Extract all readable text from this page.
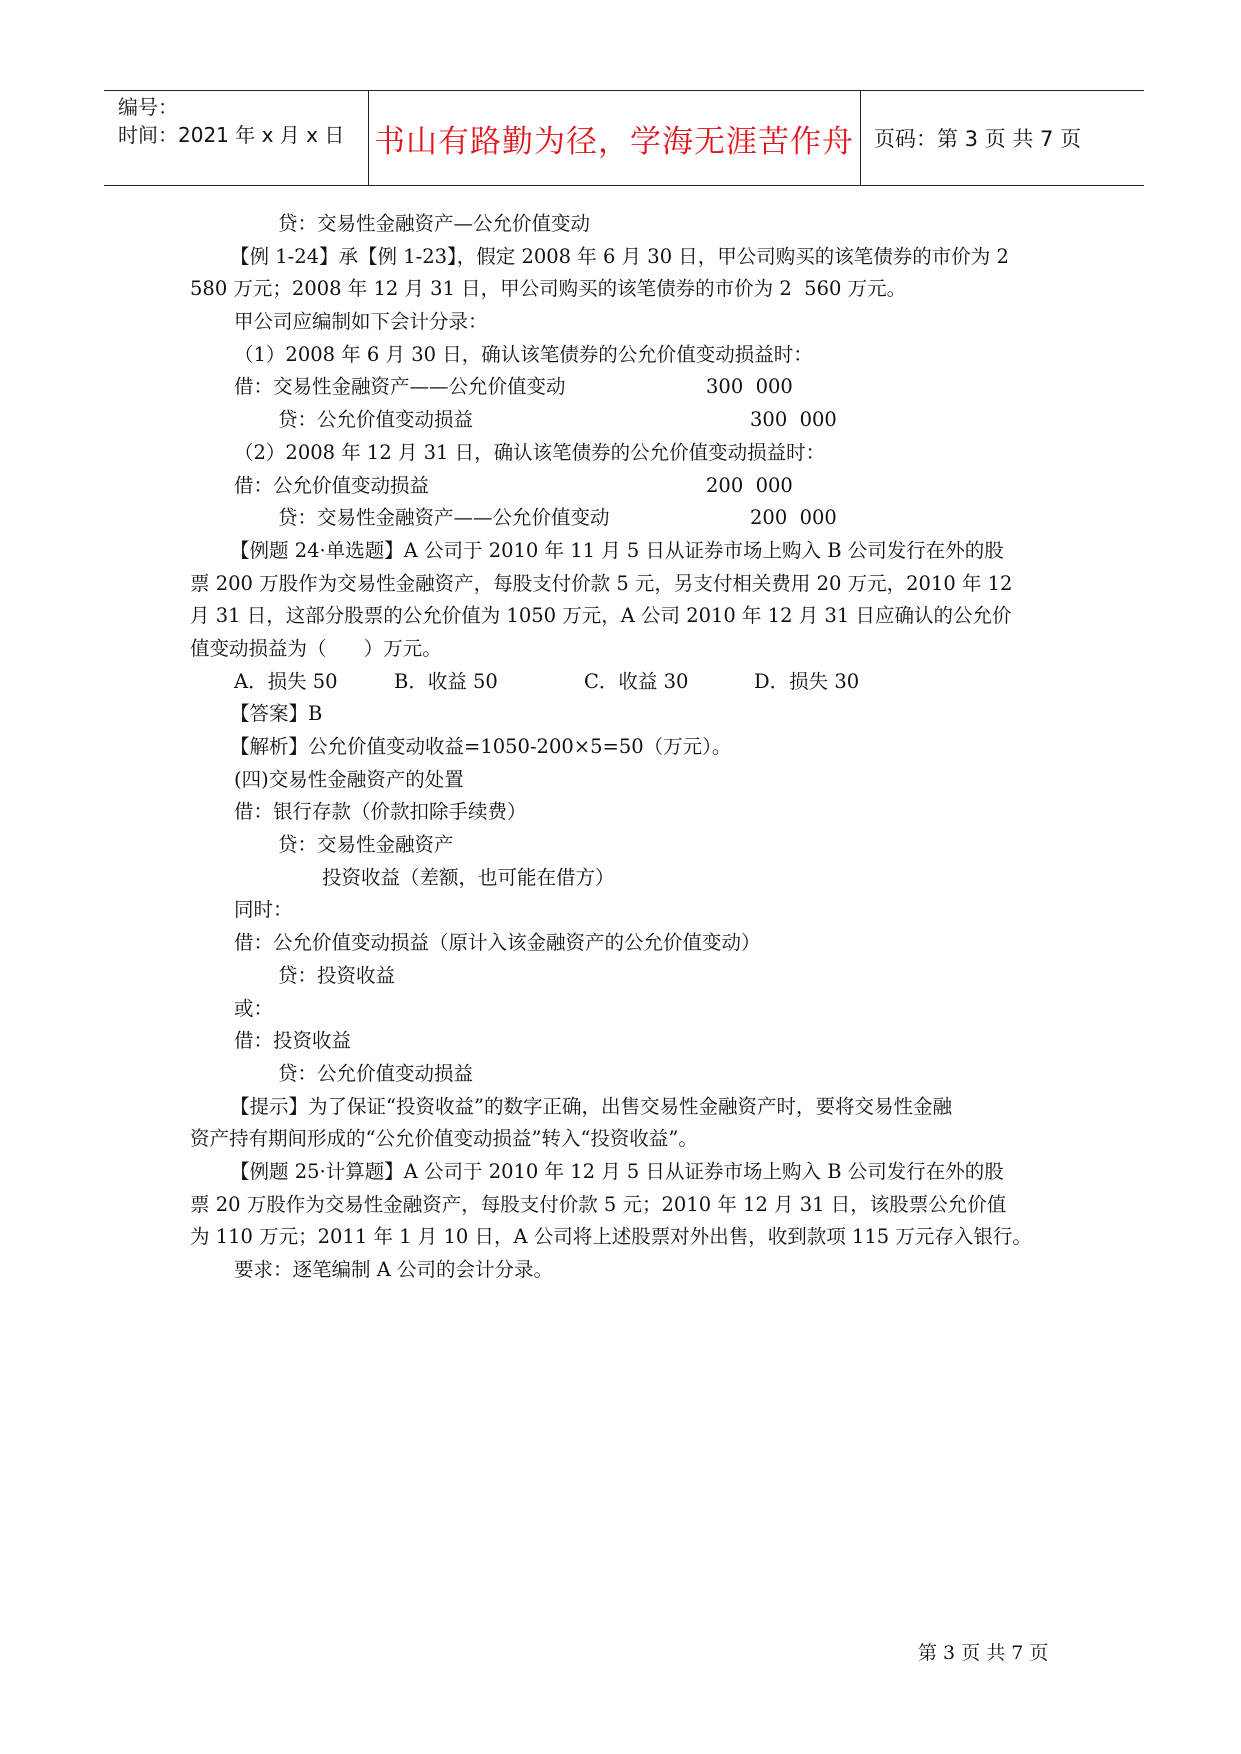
编号：
时间：2021 年 x 月 x 日 书山有路勤为径，学海无涯苦作舟 页码：第 3 页 共 7 页
贷：交易性金融资产—公允价值变动
【例 1-24】承【例 1-23】，假定 2008 年 6 月 30 日，甲公司购买的该笔债券的市价为 2
580 万元；2008 年 12 月 31 日，甲公司购买的该笔债券的市价为 2  560 万元。
甲公司应编制如下会计分录：
（1）2008 年 6 月 30 日，确认该笔债券的公允价值变动损益时：
借：交易性金融资产——公允价值变动	300  000
贷：公允价值变动损益	300  000
（2）2008 年 12 月 31 日，确认该笔债券的公允价值变动损益时：
借：公允价值变动损益	200  000
贷：交易性金融资产——公允价值变动	200  000
【例题 24·单选题】A 公司于 2010 年 11 月 5 日从证券市场上购入 B 公司发行在外的股
票 200 万股作为交易性金融资产，每股支付价款 5 元，另支付相关费用 20 万元，2010 年 12
月 31 日，这部分股票的公允价值为 1050 万元，A 公司 2010 年 12 月 31 日应确认的公允价
值变动损益为（      ）万元。
A．损失 50	B．收益 50	C．收益 30	D．损失 30
【答案】B
【解析】公允价值变动收益=1050-200×5=50（万元）。
(四)交易性金融资产的处置
借：银行存款（价款扣除手续费）
贷：交易性金融资产
投资收益（差额，也可能在借方）
同时：
借：公允价值变动损益（原计入该金融资产的公允价值变动）
贷：投资收益
或：
借：投资收益
贷：公允价值变动损益
【提示】为了保证“投资收益”的数字正确，出售交易性金融资产时，要将交易性金融
资产持有期间形成的“公允价值变动损益”转入“投资收益”。
【例题 25·计算题】A 公司于 2010 年 12 月 5 日从证券市场上购入 B 公司发行在外的股
票 20 万股作为交易性金融资产，每股支付价款 5 元；2010 年 12 月 31 日，该股票公允价值
为 110 万元；2011 年 1 月 10 日，A 公司将上述股票对外出售，收到款项 115 万元存入银行。
要求：逐笔编制 A 公司的会计分录。
第 3 页 共 7 页
